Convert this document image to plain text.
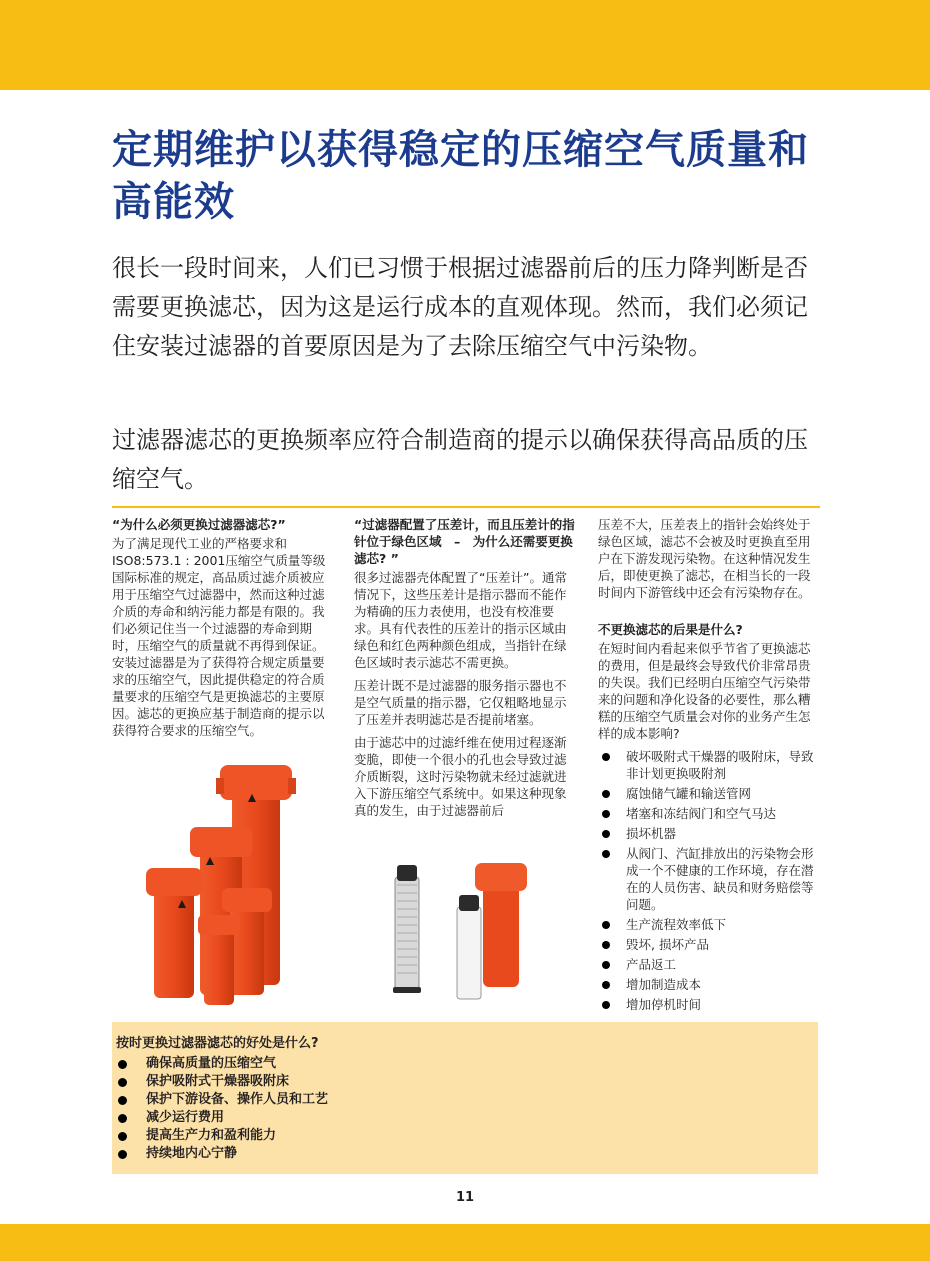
定期维护以获得稳定的压缩空气质量和高能效

很长一段时间来，人们已习惯于根据过滤器前后的压力降判断是否需要更换滤芯，因为这是运行成本的直观体现。然而，我们必须记住安装过滤器的首要原因是为了去除压缩空气中污染物。

过滤器滤芯的更换频率应符合制造商的提示以确保获得高品质的压缩空气。

“为什么必须更换过滤器滤芯?”

为了满足现代工业的严格要求和ISO8:573.1 : 2001压缩空气质量等级国际标准的规定，高品质过滤介质被应用于压缩空气过滤器中，然而这种过滤介质的寿命和纳污能力都是有限的。我们必须记住当一个过滤器的寿命到期时，压缩空气的质量就不再得到保证。安装过滤器是为了获得符合规定质量要求的压缩空气，因此提供稳定的符合质量要求的压缩空气是更换滤芯的主要原因。滤芯的更换应基于制造商的提示以获得符合要求的压缩空气。

“过滤器配置了压差计，而且压差计的指针位于绿色区域　–　为什么还需要更换滤芯? ”

很多过滤器壳体配置了“压差计”。通常情况下，这些压差计是指示器而不能作为精确的压力表使用，也没有校准要求。具有代表性的压差计的指示区域由绿色和红色两种颜色组成，当指针在绿色区域时表示滤芯不需更换。

压差计既不是过滤器的服务指示器也不是空气质量的指示器，它仅粗略地显示了压差并表明滤芯是否提前堵塞。

由于滤芯中的过滤纤维在使用过程逐渐变脆，即使一个很小的孔也会导致过滤介质断裂，这时污染物就未经过滤就进入下游压缩空气系统中。如果这种现象真的发生，由于过滤器前后

压差不大，压差表上的指针会始终处于绿色区域，滤芯不会被及时更换直至用户在下游发现污染物。在这种情况发生后，即使更换了滤芯，在相当长的一段时间内下游管线中还会有污染物存在。

不更换滤芯的后果是什么?

在短时间内看起来似乎节省了更换滤芯的费用，但是最终会导致代价非常昂贵的失误。我们已经明白压缩空气污染带来的问题和净化设备的必要性，那么糟糕的压缩空气质量会对你的业务产生怎样的成本影响?

破坏吸附式干燥器的吸附床，导致非计划更换吸附剂
腐蚀储气罐和输送管网
堵塞和冻结阀门和空气马达
损坏机器
从阀门、汽缸排放出的污染物会形成一个不健康的工作环境，存在潜在的人员伤害、缺员和财务赔偿等问题。
生产流程效率低下
毁坏, 损坏产品
产品返工
增加制造成本
增加停机时间
按时更换过滤器滤芯的好处是什么?
确保高质量的压缩空气
保护吸附式干燥器吸附床
保护下游设备、操作人员和工艺
减少运行费用
提高生产力和盈利能力
持续地内心宁静
11
